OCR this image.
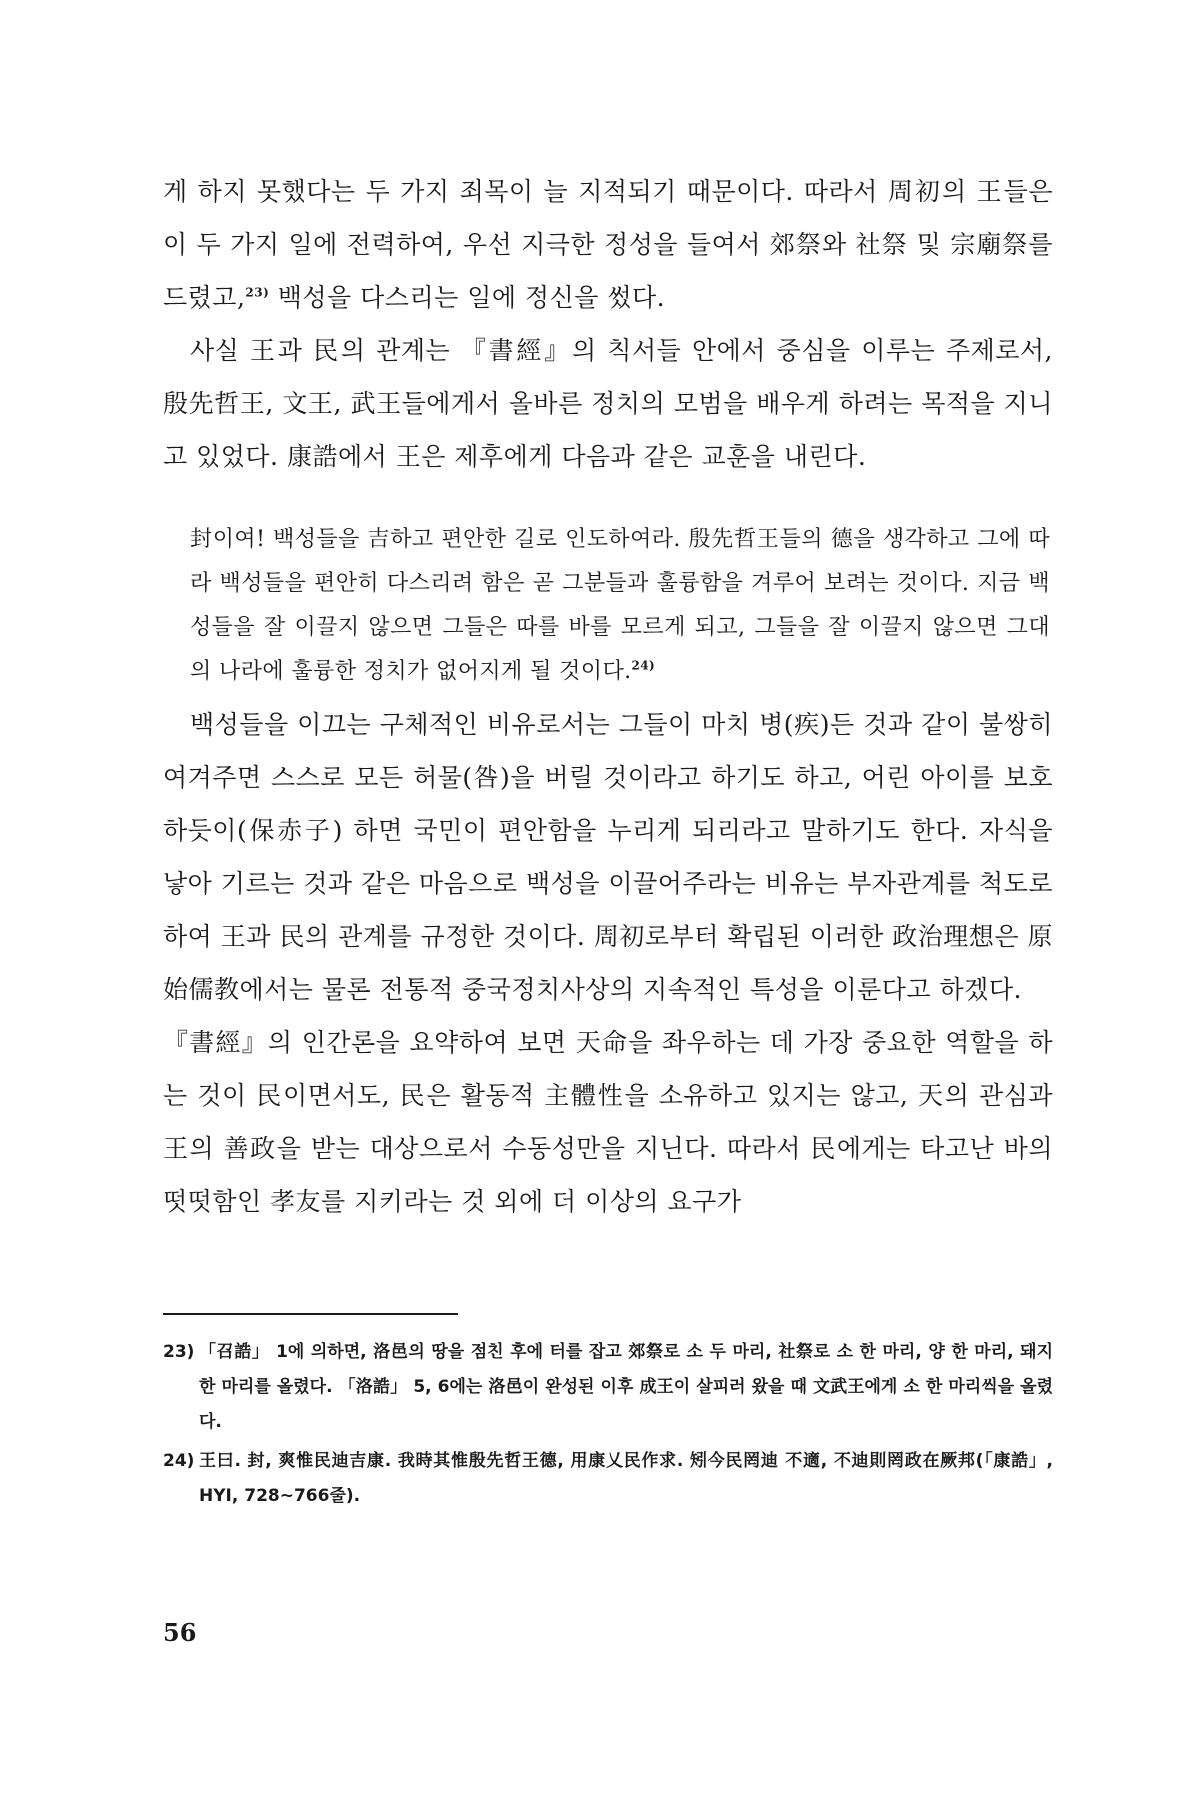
게 하지 못했다는 두 가지 죄목이 늘 지적되기 때문이다. 따라서 周初의 王들은 이 두 가지 일에 전력하여, 우선 지극한 정성을 들여서 郊祭와 社祭 및 宗廟祭를 드렸고,$^{23)}$ 백성을 다스리는 일에 정신을 썼다.

사실 王과 民의 관계는 『書經』의 칙서들 안에서 중심을 이루는 주제로서, 殷先哲王, 文王, 武王들에게서 올바른 정치의 모범을 배우게 하려는 목적을 지니고 있었다. 康誥에서 王은 제후에게 다음과 같은 교훈을 내린다.

封이여! 백성들을 吉하고 편안한 길로 인도하여라. 殷先哲王들의 德을 생각하고 그에 따라 백성들을 편안히 다스리려 함은 곧 그분들과 훌륭함을 겨루어 보려는 것이다. 지금 백성들을 잘 이끌지 않으면 그들은 따를 바를 모르게 되고, 그들을 잘 이끌지 않으면 그대의 나라에 훌륭한 정치가 없어지게 될 것이다.$^{24)}$

백성들을 이끄는 구체적인 비유로서는 그들이 마치 병(疾)든 것과 같이 불쌍히 여겨주면 스스로 모든 허물(咎)을 버릴 것이라고 하기도 하고, 어린 아이를 보호하듯이(保赤子) 하면 국민이 편안함을 누리게 되리라고 말하기도 한다. 자식을 낳아 기르는 것과 같은 마음으로 백성을 이끌어주라는 비유는 부자관계를 척도로 하여 王과 民의 관계를 규정한 것이다. 周初로부터 확립된 이러한 政治理想은 原始儒教에서는 물론 전통적 중국정치사상의 지속적인 특성을 이룬다고 하겠다.

『書經』의 인간론을 요약하여 보면 天命을 좌우하는 데 가장 중요한 역할을 하는 것이 民이면서도, 民은 활동적 主體性을 소유하고 있지는 않고, 天의 관심과 王의 善政을 받는 대상으로서 수동성만을 지닌다. 따라서 民에게는 타고난 바의 떳떳함인 孝友를 지키라는 것 외에 더 이상의 요구가

23) 「召誥」 1에 의하면, 洛邑의 땅을 점친 후에 터를 잡고 郊祭로 소 두 마리, 社祭로 소 한 마리, 양 한 마리, 돼지 한 마리를 올렸다. 「洛誥」 5, 6에는 洛邑이 완성된 이후 成王이 살피러 왔을 때 文武王에게 소 한 마리씩을 올렸다.
24) 王曰. 封, 爽惟民迪吉康. 我時其惟殷先哲王德, 用康乂民作求. 矧今民罔迪 不適, 不迪則罔政在厥邦(「康誥」, HYI, 728~766줄).
56
